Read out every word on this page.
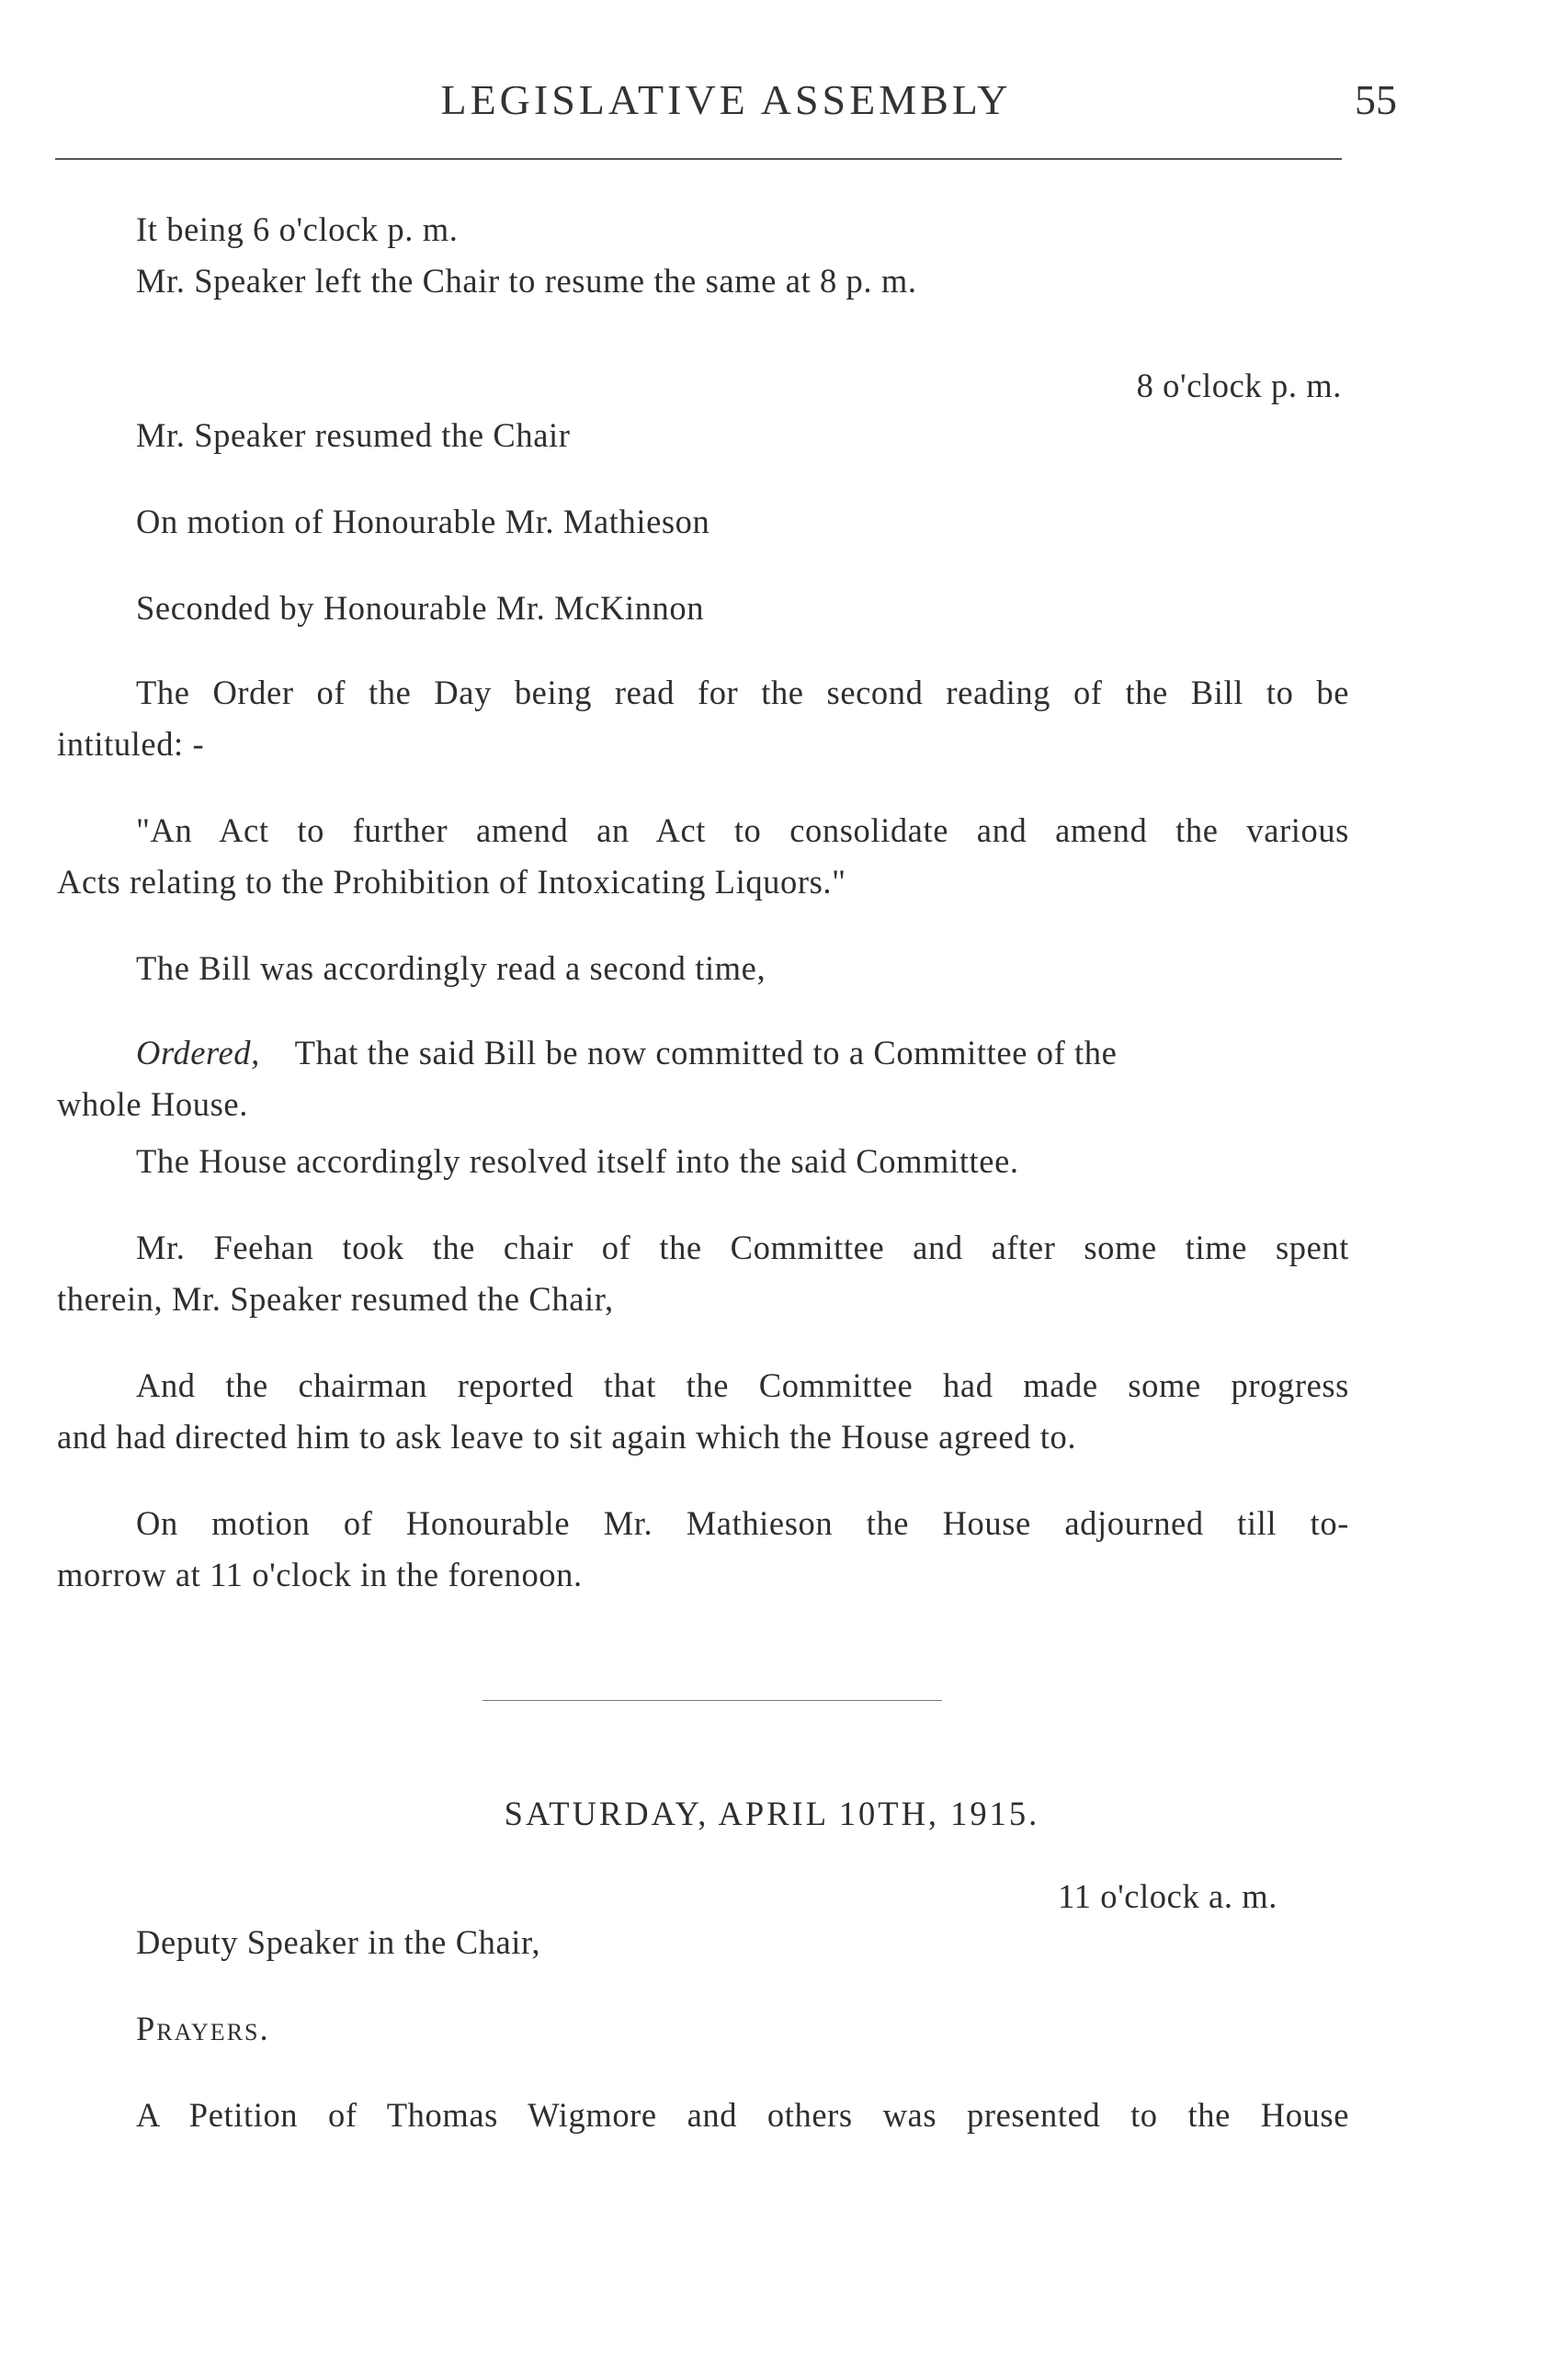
LEGISLATIVE ASSEMBLY	55
It being 6 o'clock p. m.
Mr. Speaker left the Chair to resume the same at 8 p. m.
8 o'clock p. m.
Mr. Speaker resumed the Chair
On motion of Honourable Mr. Mathieson
Seconded by Honourable Mr. McKinnon
The Order of the Day being read for the second reading of the Bill to be
intituled: -
"An Act to further amend an Act to consolidate and amend the various
Acts relating to the Prohibition of Intoxicating Liquors."
The Bill was accordingly read a second time,
Ordered, That the said Bill be now committed to a Committee of the
whole House.
The House accordingly resolved itself into the said Committee.
Mr. Feehan took the chair of the Committee and after some time spent
therein, Mr. Speaker resumed the Chair,
And the chairman reported that the Committee had made some progress
and had directed him to ask leave to sit again which the House agreed to.
On motion of Honourable Mr. Mathieson the House adjourned till to-
morrow at 11 o'clock in the forenoon.
SATURDAY, APRIL 10TH, 1915.
11 o'clock a. m.
Deputy Speaker in the Chair,
Prayers.
A Petition of Thomas Wigmore and others was presented to the House
